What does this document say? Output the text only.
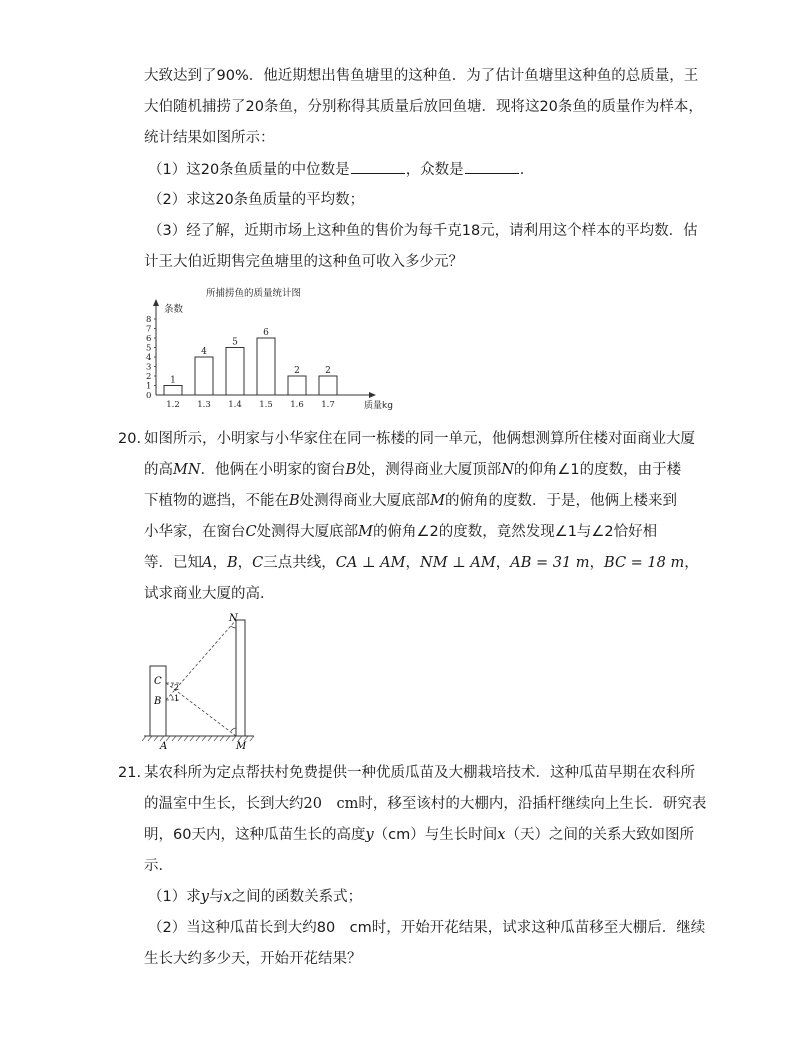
大致达到了90%．他近期想出售鱼塘里的这种鱼．为了估计鱼塘里这种鱼的总质量，王
大伯随机捕捞了20条鱼，分别称得其质量后放回鱼塘．现将这20条鱼的质量作为样本，
统计结果如图所示：
（1）这20条鱼质量的中位数是	，众数是	．
（2）求这20条鱼质量的平均数；
（3）经了解，近期市场上这种鱼的售价为每千克18元，请利用这个样本的平均数．估
计王大伯近期售完鱼塘里的这种鱼可收入多少元？
所捕捞鱼的质量统计图
条数
质量kg
0
1
2
3
4
5
6
7
8
1
1.2
4
1.3
5
1.4
6
1.5
2
1.6
2
1.7
20. 如图所示，小明家与小华家住在同一栋楼的同一单元，他俩想测算所住楼对面商业大厦
的高MN．他俩在小明家的窗台B处，测得商业大厦顶部N的仰角∠1的度数，由于楼
下植物的遮挡，不能在B处测得商业大厦底部M的俯角的度数．于是，他俩上楼来到
小华家，在窗台C处测得大厦底部M的俯角∠2的度数，竟然发现∠1与∠2恰好相
等．已知A，B，C三点共线，CA ⊥ AM，NM ⊥ AM，AB = 31 m，BC = 18 m，
试求商业大厦的高．
N
C
B
A	M
2
1
21. 某农科所为定点帮扶村免费提供一种优质瓜苗及大棚栽培技术．这种瓜苗早期在农科所
的温室中生长，长到大约20　cm时，移至该村的大棚内，沿插杆继续向上生长．研究表
明，60天内，这种瓜苗生长的高度y（cm）与生长时间x（天）之间的关系大致如图所
示．
（1）求y与x之间的函数关系式；
（2）当这种瓜苗长到大约80　cm时，开始开花结果，试求这种瓜苗移至大棚后．继续
生长大约多少天，开始开花结果？
